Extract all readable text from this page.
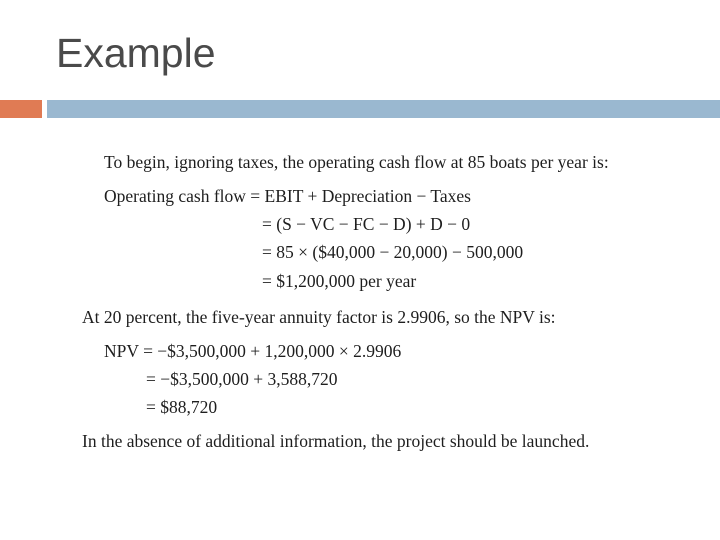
Example
To begin, ignoring taxes, the operating cash flow at 85 boats per year is:
Operating cash flow = EBIT + Depreciation − Taxes
= (S − VC − FC − D) + D − 0
= 85 × ($40,000 − 20,000) − 500,000
= $1,200,000 per year
At 20 percent, the five-year annuity factor is 2.9906, so the NPV is:
NPV = −$3,500,000 + 1,200,000 × 2.9906
= −$3,500,000 + 3,588,720
= $88,720
In the absence of additional information, the project should be launched.
